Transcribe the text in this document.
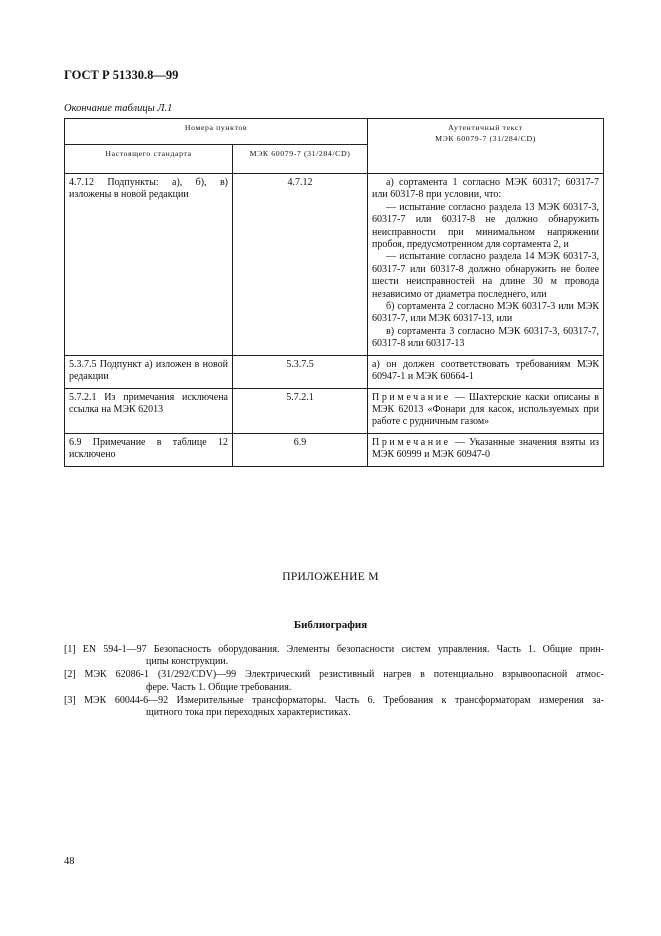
ГОСТ Р 51330.8—99
Окончание таблицы Л.1
Номера пунктов		Аутентичный текст
МЭК 60079-7 (31/284/CD)

Настоящего стандарта	МЭК 60079-7 (31/284/CD)	
4.7.12 Подпункты: а), б), в) изложены в новой редакции	4.7.12	а) сортамента 1 согласно МЭК 60317; 60317-7 или 60317-8 при условии, что:
— испытание согласно раздела 13 МЭК 60317-3, 60317-7 или 60317-8 не должно обнаружить неисправности при минимальном напряжении пробоя, предусмотренном для сортамента 2, и
— испытание согласно раздела 14 МЭК 60317-3, 60317-7 или 60317-8 должно обнаружить не более шести неисправностей на длине 30 м провода независимо от диаметра последнего, или
б) сортамента 2 согласно МЭК 60317-3 или МЭК 60317-7, или МЭК 60317-13, или
в) сортамента 3 согласно МЭК 60317-3, 60317-7, 60317-8 или 60317-13

5.3.7.5 Подпункт а) изложен в новой редакции	5.3.7.5	а) он должен соответствовать требованиям МЭК 60947-1 и МЭК 60664-1
5.7.2.1 Из примечания исключена ссылка на МЭК 62013	5.7.2.1	Примечание — Шахтерские каски описаны в МЭК 62013 «Фонари для касок, используемых при работе с рудничным газом»
6.9 Примечание в таблице 12 исключено	6.9	Примечание — Указанные значения взяты из МЭК 60999 и МЭК 60947-0
ПРИЛОЖЕНИЕ М
Библиография
[1] EN 594-1—97 Безопасность оборудования. Элементы безопасности систем управления. Часть 1. Общие прин-
ципы конструкции.
[2] МЭК 62086-1 (31/292/CDV)—99 Электрический резистивный нагрев в потенциально взрывоопасной атмос-
фере. Часть 1. Общие требования.
[3] МЭК 60044-6—92 Измерительные трансформаторы. Часть 6. Требования к трансформаторам измерения за-
щитного тока при переходных характеристиках.
48
